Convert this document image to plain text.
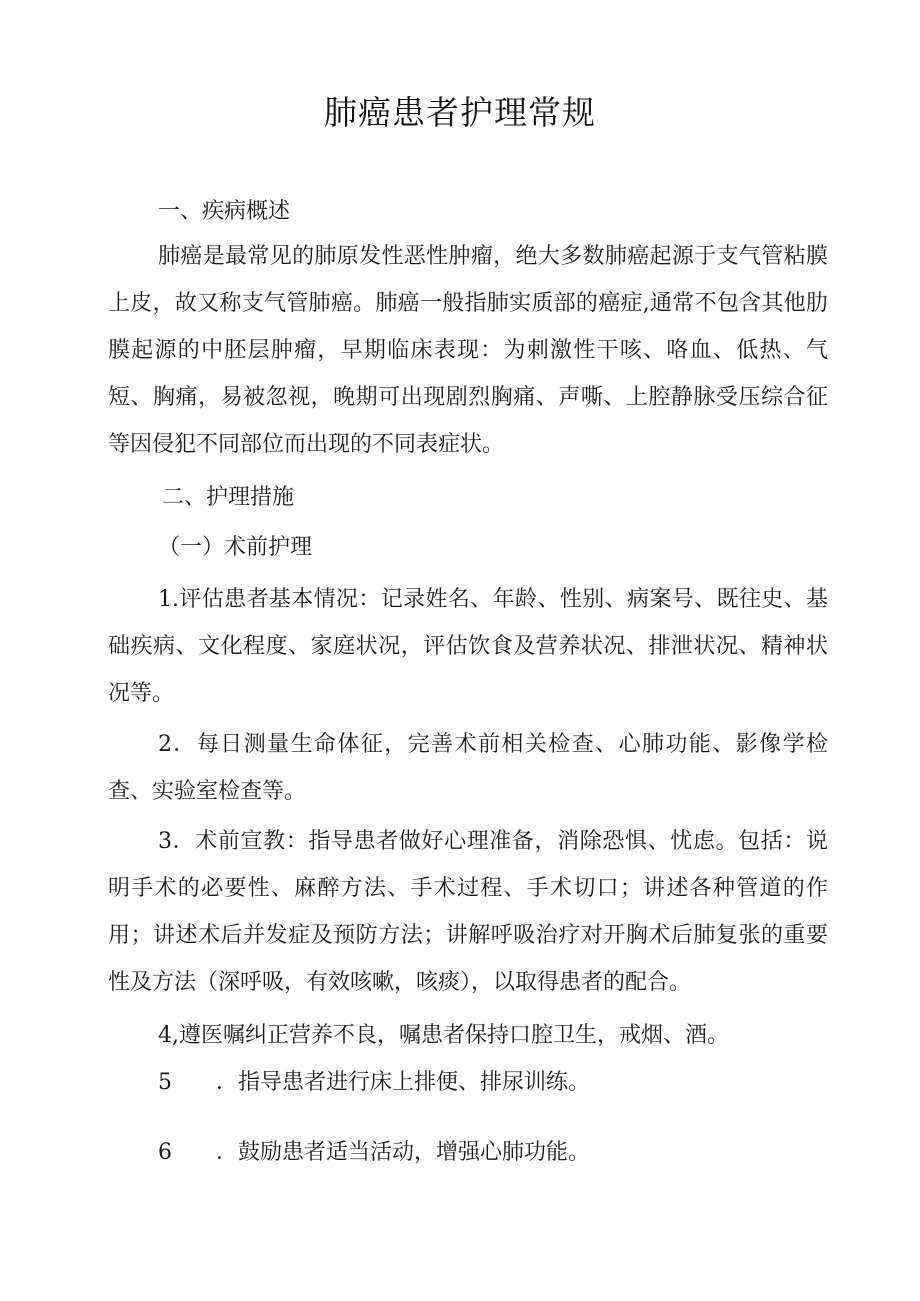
肺癌患者护理常规
一、疾病概述

肺癌是最常见的肺原发性恶性肿瘤，绝大多数肺癌起源于支气管粘膜上皮，故又称支气管肺癌。肺癌一般指肺实质部的癌症,通常不包含其他肋膜起源的中胚层肿瘤，早期临床表现：为刺激性干咳、咯血、低热、气短、胸痛，易被忽视，晚期可出现剧烈胸痛、声嘶、上腔静脉受压综合征等因侵犯不同部位而出现的不同表症状。

二、护理措施
（一）术前护理

1.评估患者基本情况：记录姓名、年龄、性别、病案号、既往史、基础疾病、文化程度、家庭状况，评估饮食及营养状况、排泄状况、精神状况等。

2．每日测量生命体征，完善术前相关检查、心肺功能、影像学检查、实验室检查等。

3．术前宣教：指导患者做好心理准备，消除恐惧、忧虑。包括：说明手术的必要性、麻醉方法、手术过程、手术切口；讲述各种管道的作用；讲述术后并发症及预防方法；讲解呼吸治疗对开胸术后肺复张的重要性及方法（深呼吸，有效咳嗽，咳痰），以取得患者的配合。

4,遵医嘱纠正营养不良，嘱患者保持口腔卫生，戒烟、酒。

5 ．指导患者进行床上排便、排尿训练。
6 ．鼓励患者适当活动，增强心肺功能。
